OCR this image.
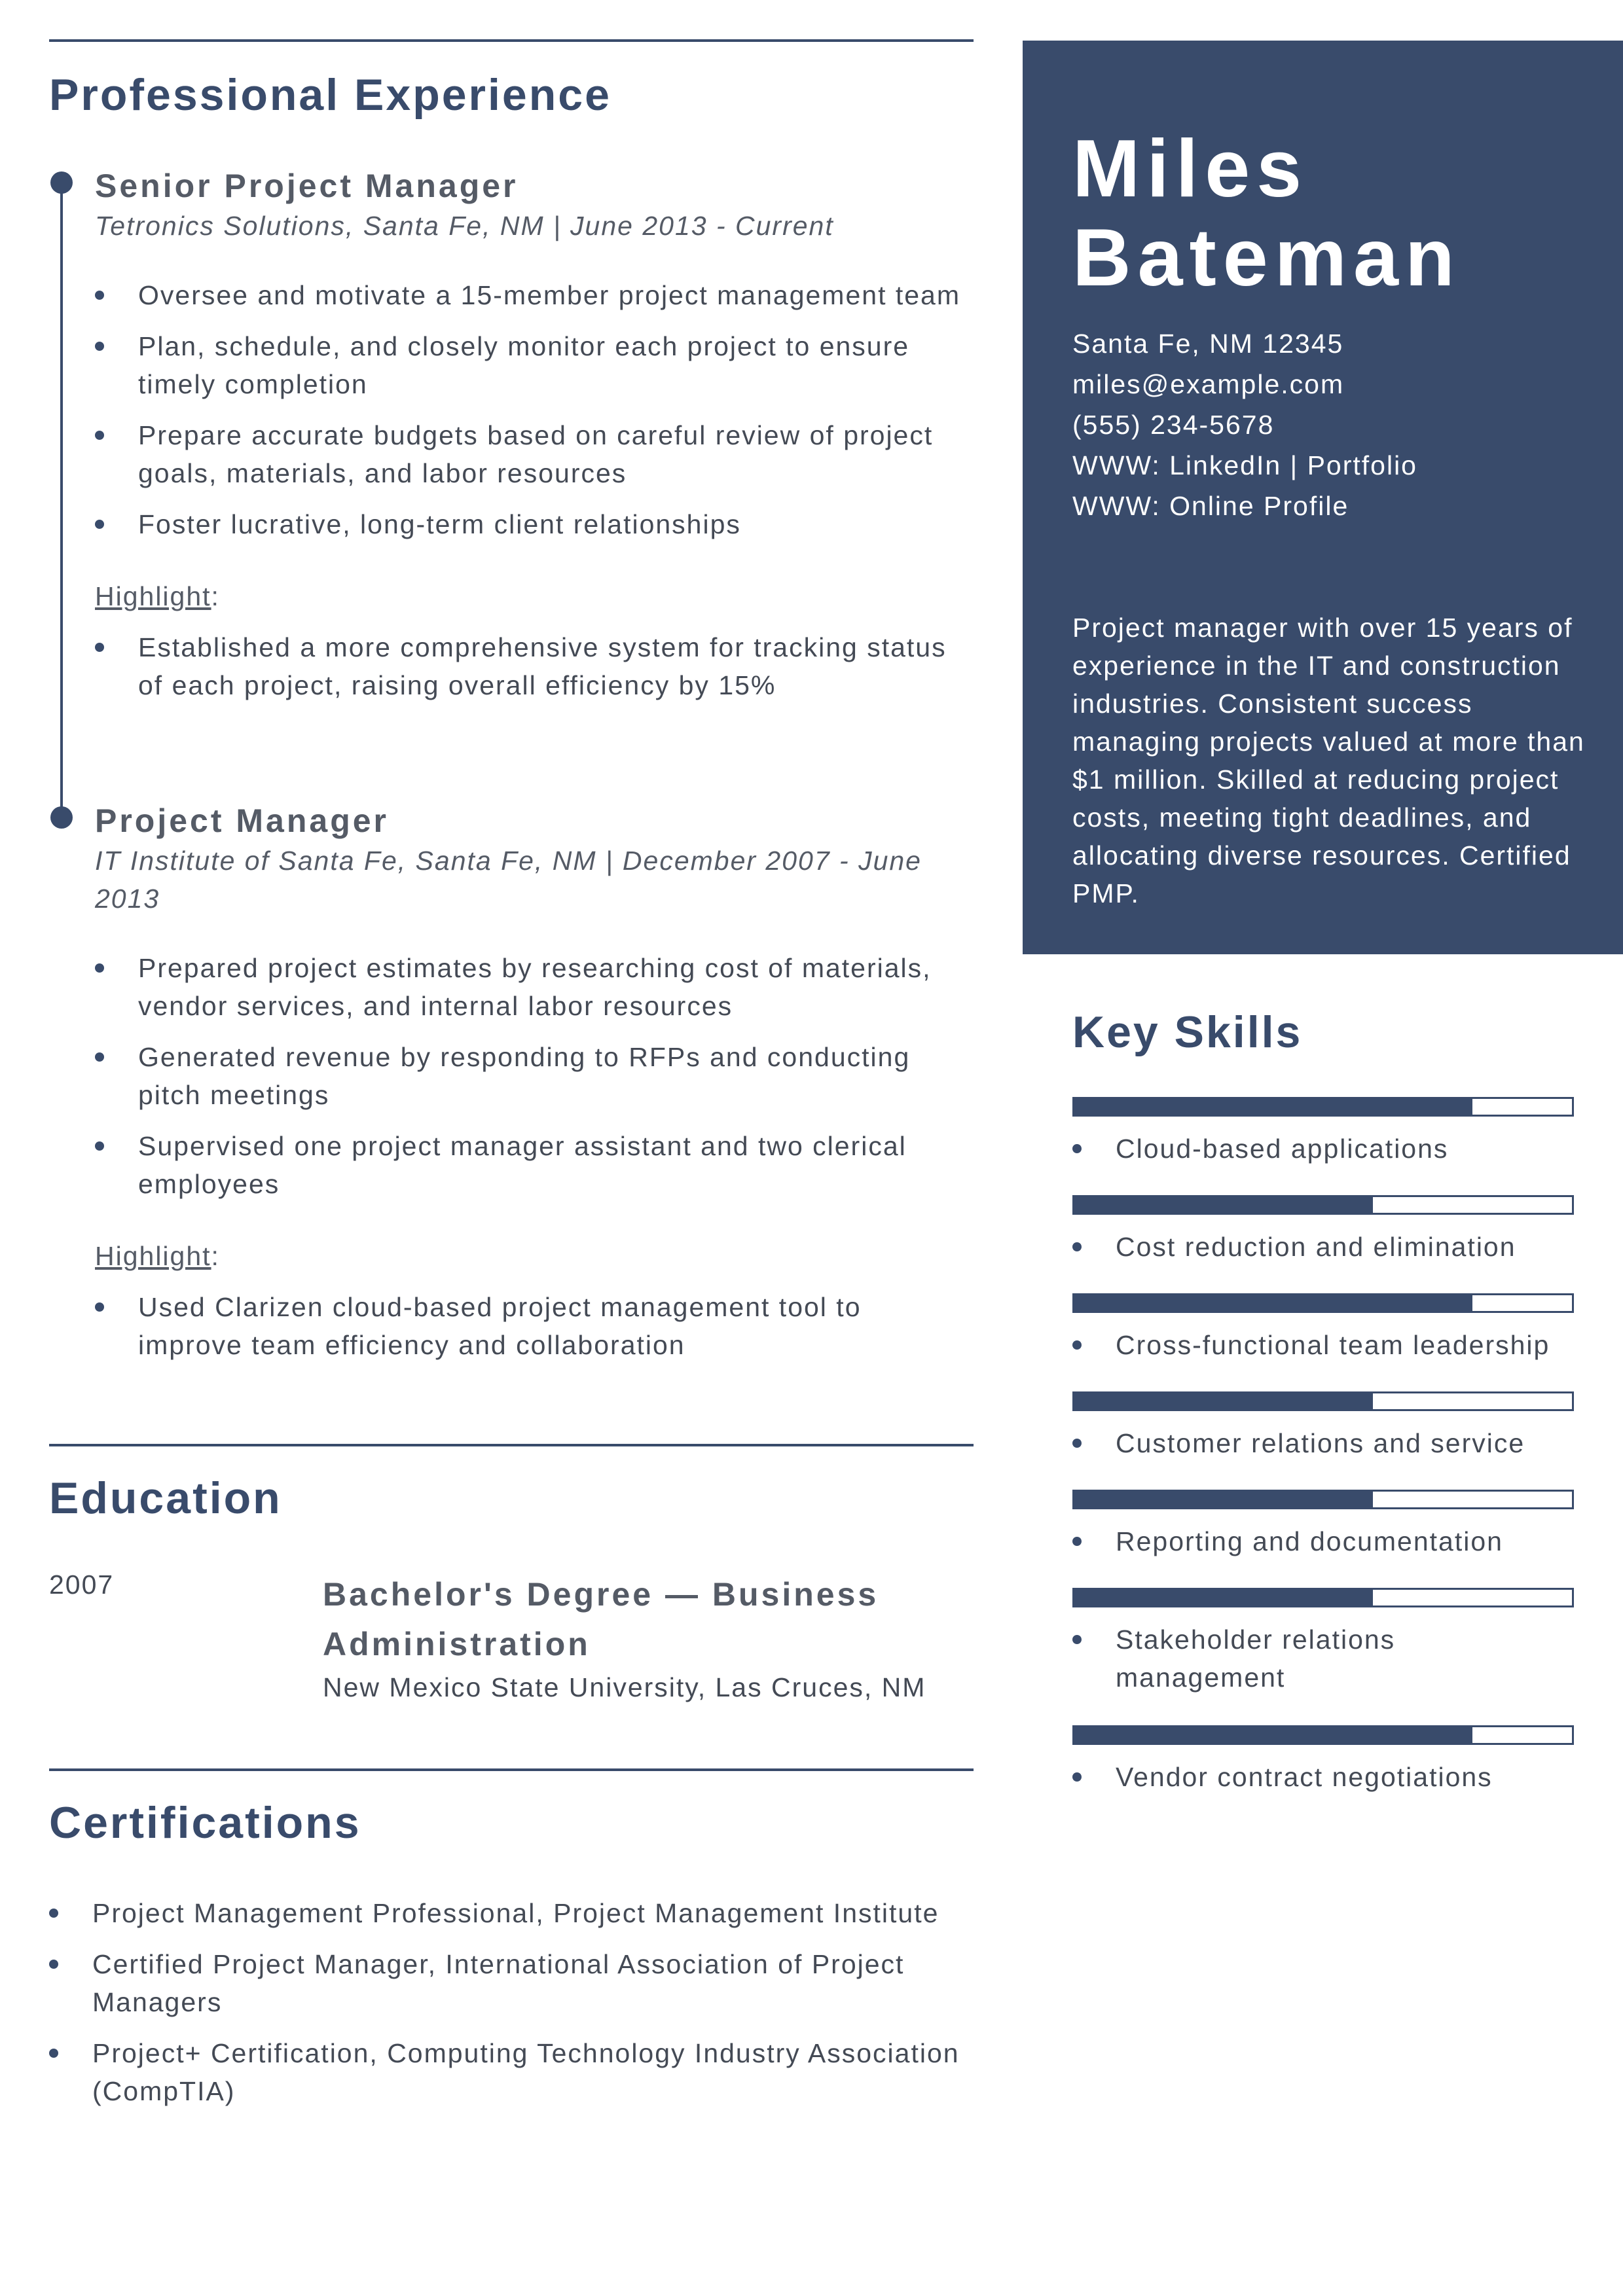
Professional Experience
Senior Project Manager

Tetronics Solutions, Santa Fe, NM | June 2013 - Current

Oversee and motivate a 15-member project management team
Plan, schedule, and closely monitor each project to ensure timely completion
Prepare accurate budgets based on careful review of project goals, materials, and labor resources
Foster lucrative, long-term client relationships
Highlight:
Established a more comprehensive system for tracking status of each project, raising overall efficiency by 15%
Project Manager

IT Institute of Santa Fe, Santa Fe, NM | December 2007 - June 2013

Prepared project estimates by researching cost of materials, vendor services, and internal labor resources
Generated revenue by responding to RFPs and conducting pitch meetings
Supervised one project manager assistant and two clerical employees
Highlight:
Used Clarizen cloud-based project management tool to improve team efficiency and collaboration
Education
2007	Bachelor's Degree — Business Administration

New Mexico State University, Las Cruces, NM

Certifications
Project Management Professional, Project Management Institute
Certified Project Manager, International Association of Project Managers
Project+ Certification, Computing Technology Industry Association (CompTIA)
Miles
Bateman
Santa Fe, NM 12345
miles@example.com
(555) 234-5678
WWW: LinkedIn | Portfolio
WWW: Online Profile

Project manager with over 15 years of experience in the IT and construction industries. Consistent success managing projects valued at more than $1 million. Skilled at reducing project costs, meeting tight deadlines, and allocating diverse resources. Certified PMP.

Key Skills
Cloud-based applications
Cost reduction and elimination
Cross-functional team leadership
Customer relations and service
Reporting and documentation
Stakeholder relations management
Vendor contract negotiations
